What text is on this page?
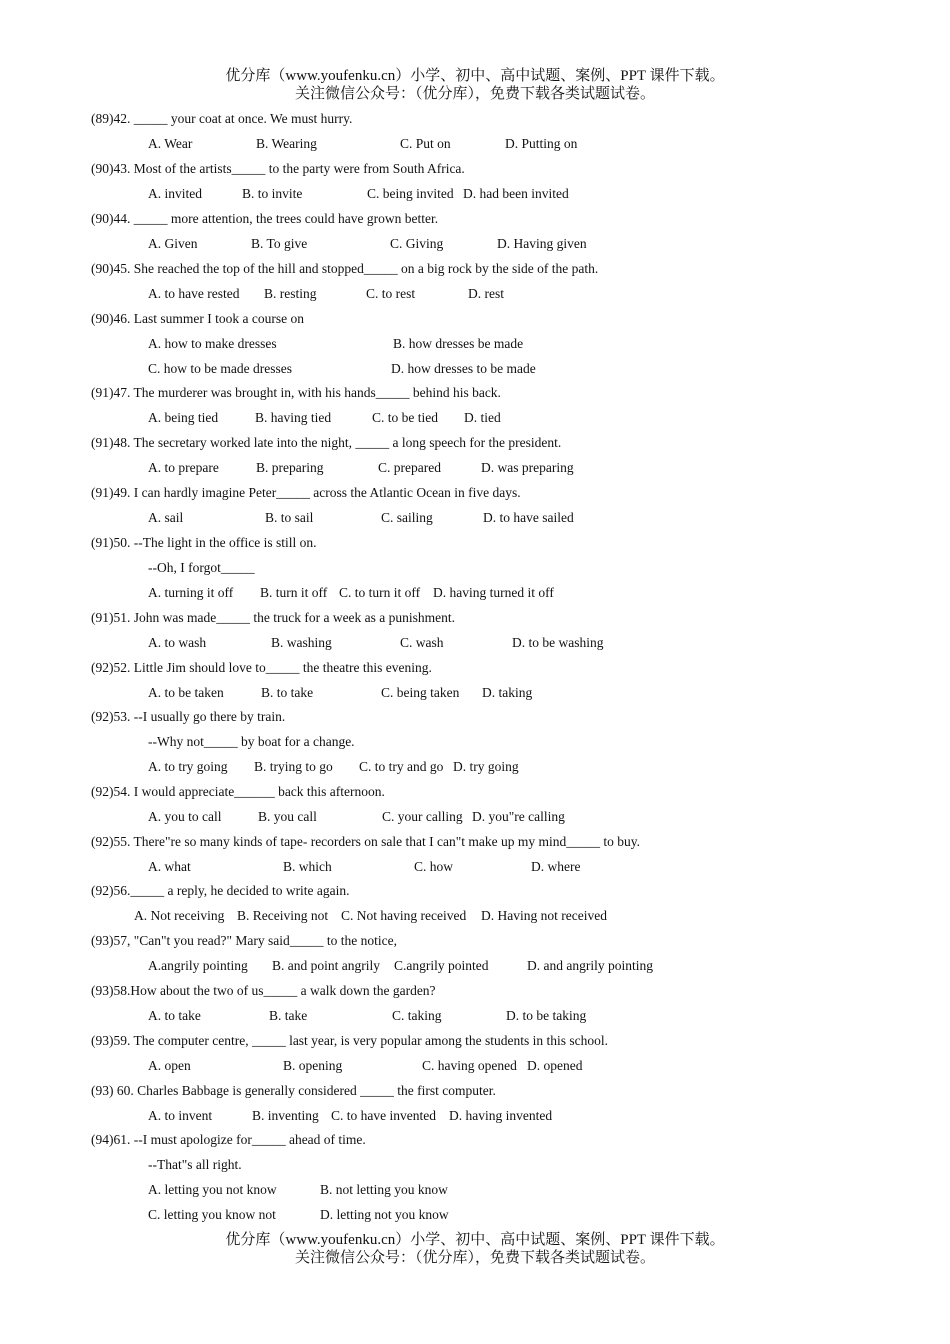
优分库（www.youfenku.cn）小学、初中、高中试题、案例、PPT 课件下载。
关注微信公众号：（优分库），免费下载各类试题试卷。
(89)42. _____ your coat at once. We must hurry.
A. Wear	B. Wearing	C. Put on	D. Putting on
(90)43. Most of the artists_____ to the party were from South Africa.
A. invited	B. to invite	C. being invited D. had been invited
(90)44. _____ more attention, the trees could have grown better.
A. Given	B. To give	C. Giving	D. Having given
(90)45. She reached the top of the hill and stopped_____ on a big rock by the side of the path.
A. to have rested B. resting	C. to rest	D. rest
(90)46. Last summer I took a course on
A. how to make dresses	B. how dresses be made
C. how to be made dresses	D. how dresses to be made
(91)47. The murderer was brought in, with his hands_____ behind his back.
A. being tied	B. having tied	C. to be tied D. tied
(91)48. The secretary worked late into the night, _____ a long speech for the president.
A. to prepare	B. preparing	C. prepared	D. was preparing
(91)49. I can hardly imagine Peter_____ across the Atlantic Ocean in five days.
A. sail	B. to sail	C. sailing	D. to have sailed
(91)50. --The light in the office is still on.
--Oh, I forgot_____
A. turning it off B. turn it off C. to turn it off D. having turned it off
(91)51. John was made_____ the truck for a week as a punishment.
A. to wash	B. washing	C. wash	D. to be washing
(92)52. Little Jim should love to_____ the theatre this evening.
A. to be taken	B. to take	C. being taken D. taking
(92)53. --I usually go there by train.
--Why not_____ by boat for a change.
A. to try going B. trying to go C. to try and go D. try going
(92)54. I would appreciate______ back this afternoon.
A. you to call	B. you call	C. your calling D. you"re calling
(92)55. There"re so many kinds of tape- recorders on sale that I can"t make up my mind_____ to buy.
A. what	B. which	C. how	D. where
(92)56._____ a reply, he decided to write again.
A. Not receiving B. Receiving not C. Not having received D. Having not received
(93)57, "Can"t you read?" Mary said_____ to the notice,
A.angrily pointing B. and point angrily C.angrily pointed	D. and angrily pointing
(93)58.How about the two of us_____ a walk down the garden?
A. to take	B. take	C. taking	D. to be taking
(93)59. The computer centre, _____ last year, is very popular among the students in this school.
A. open	B. opening	C. having opened D. opened
(93) 60. Charles Babbage is generally considered _____ the first computer.
A. to invent	B. inventing C. to have invented D. having invented
(94)61. --I must apologize for_____ ahead of time.
--That"s all right.
A. letting you not know	B. not letting you know
C. letting you know not	D. letting not you know
优分库（www.youfenku.cn）小学、初中、高中试题、案例、PPT 课件下载。
关注微信公众号：（优分库），免费下载各类试题试卷。
